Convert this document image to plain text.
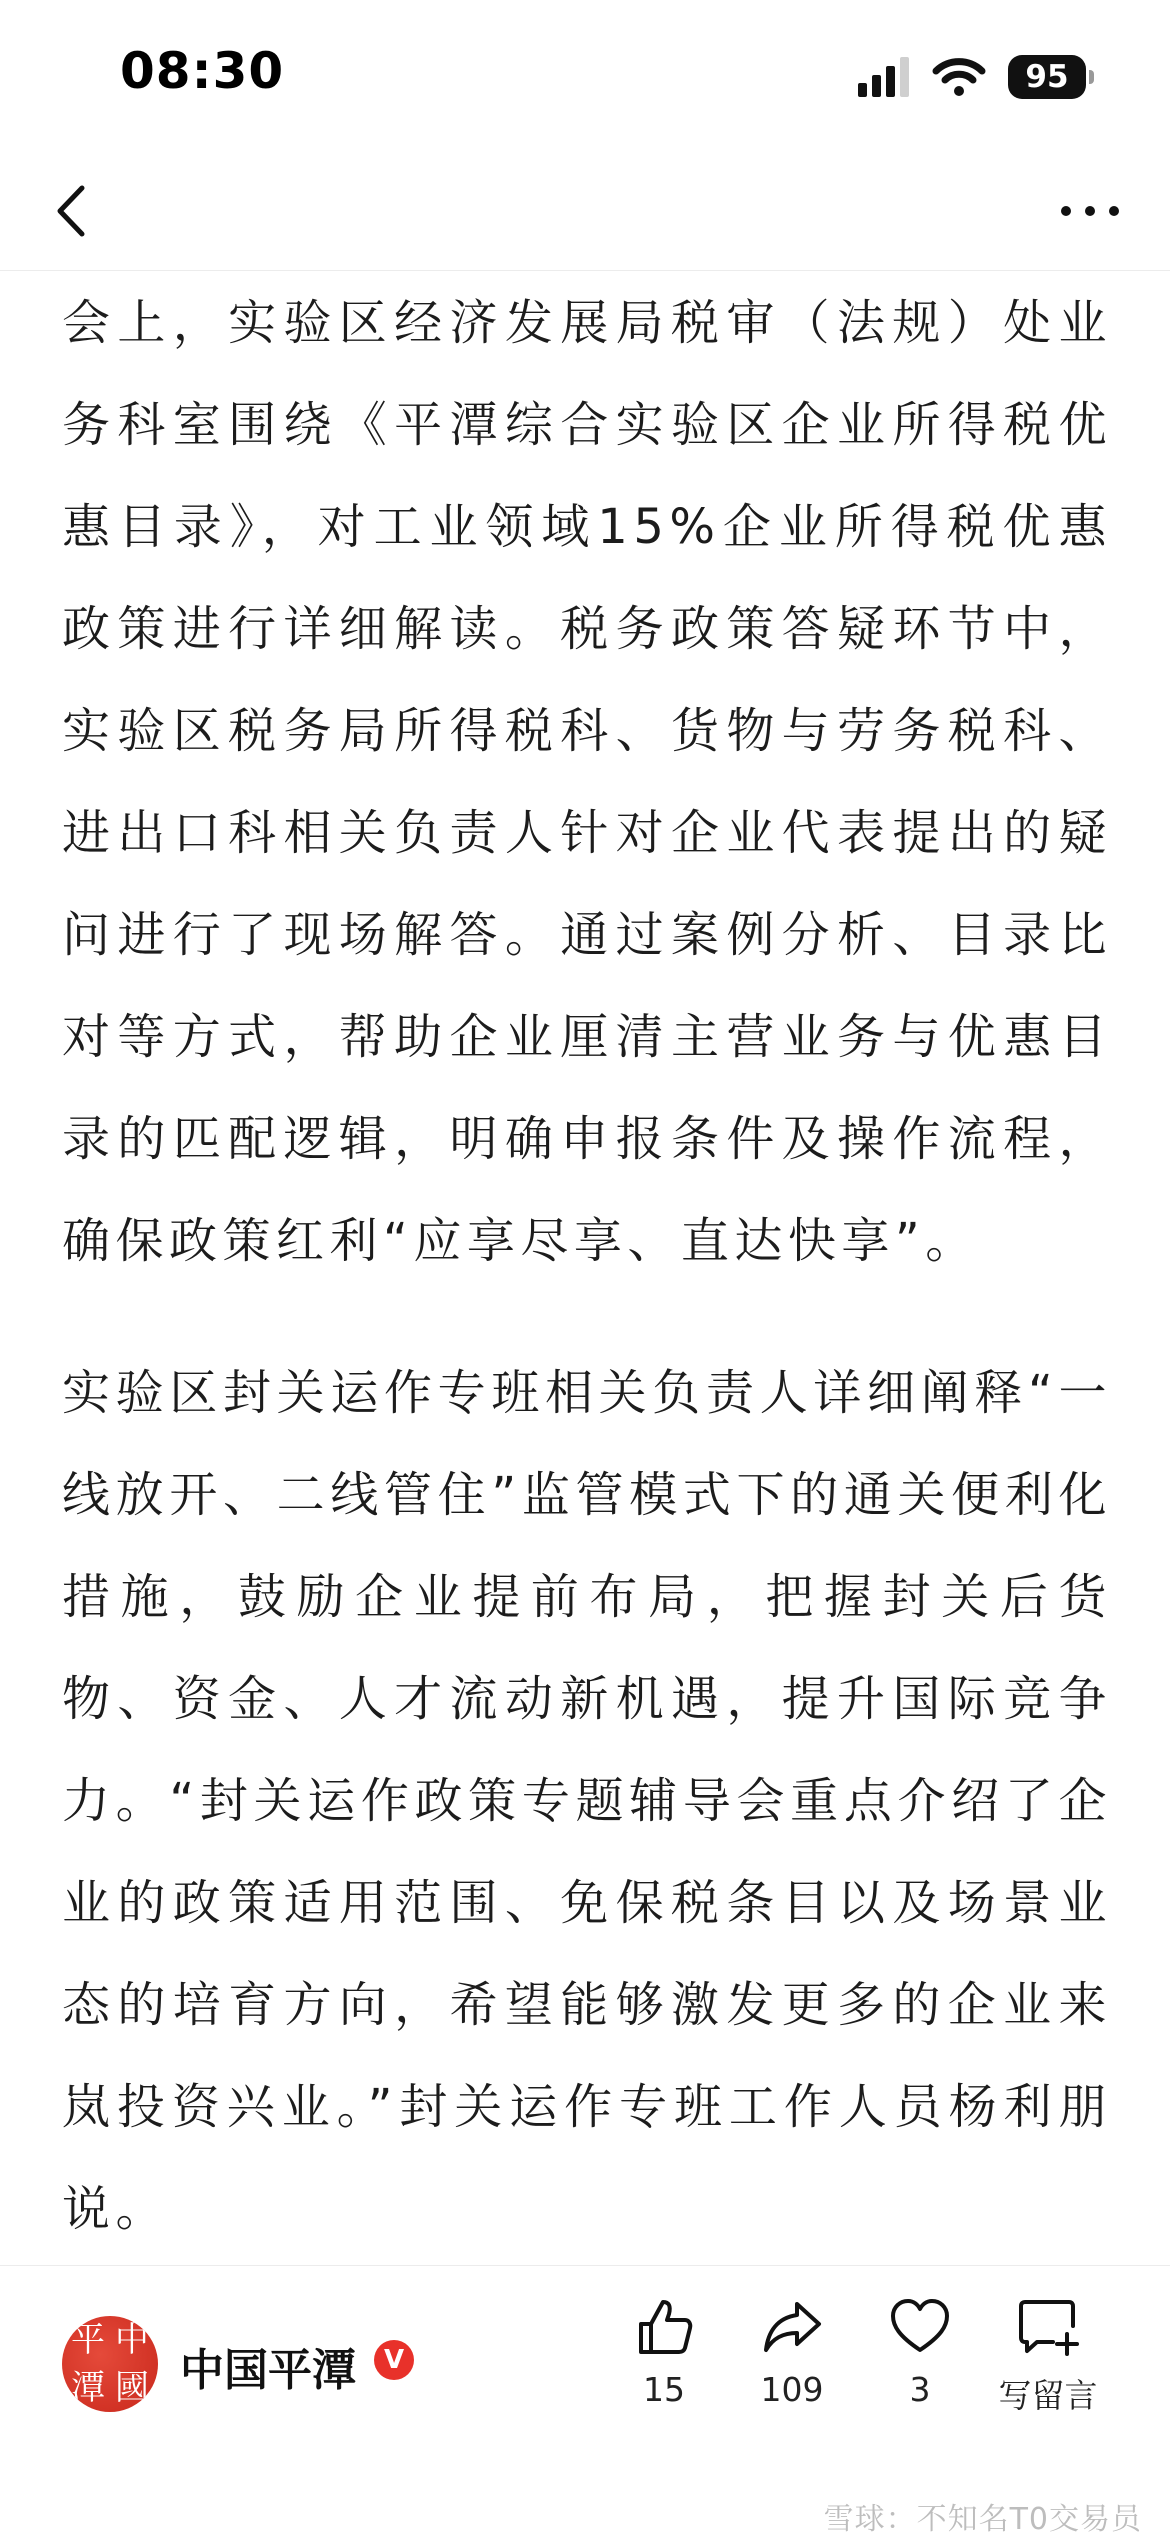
08:30	95

会上，实验区经济发展局税审（法规）处业务科室围绕《平潭综合实验区企业所得税优惠目录》，对工业领域15%企业所得税优惠政策进行详细解读。税务政策答疑环节中，实验区税务局所得税科、货物与劳务税科、进出口科相关负责人针对企业代表提出的疑问进行了现场解答。通过案例分析、目录比对等方式，帮助企业厘清主营业务与优惠目录的匹配逻辑，明确申报条件及操作流程，确保政策红利“应享尽享、直达快享”。

实验区封关运作专班相关负责人详细阐释“一线放开、二线管住”监管模式下的通关便利化措施，鼓励企业提前布局，把握封关后货物、资金、人才流动新机遇，提升国际竞争力。“封关运作政策专题辅导会重点介绍了企业的政策适用范围、免保税条目以及场景业态的培育方向，希望能够激发更多的企业来岚投资兴业。”封关运作专班工作人员杨利朋说。

平 中
潭 國 中国平潭	V
15	109	3	写留言
雪球：不知名T0交易员
